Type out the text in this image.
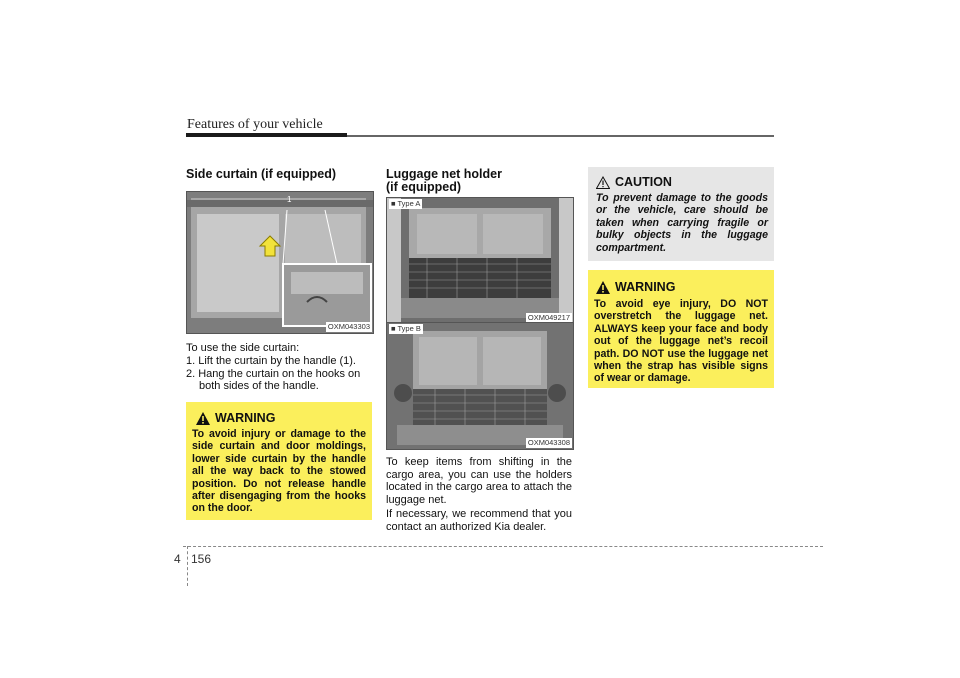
Features of your vehicle
Side curtain (if equipped)
1
OXM043303

To use the side curtain:

1. Lift the curtain by the handle (1).

2. Hang the curtain on the hooks on

both sides of the handle.

WARNING
To avoid injury or damage to the side curtain and door moldings, lower side curtain by the handle all the way back to the stowed position. Do not release handle after disengaging from the hooks on the door.
Luggage net holder
(if equipped)
■ Type A
OXM049217
■ Type B
OXM043308

To keep items from shifting in the cargo area, you can use the holders located in the cargo area to attach the luggage net.

If necessary, we recommend that you contact an authorized Kia dealer.

CAUTION
To prevent damage to the goods or the vehicle, care should be taken when carrying fragile or bulky objects in the luggage compartment.
WARNING
To avoid eye injury, DO NOT overstretch the luggage net. ALWAYS keep your face and body out of the luggage net’s recoil path. DO NOT use the luggage net when the strap has visible signs of wear or damage.
4 156
